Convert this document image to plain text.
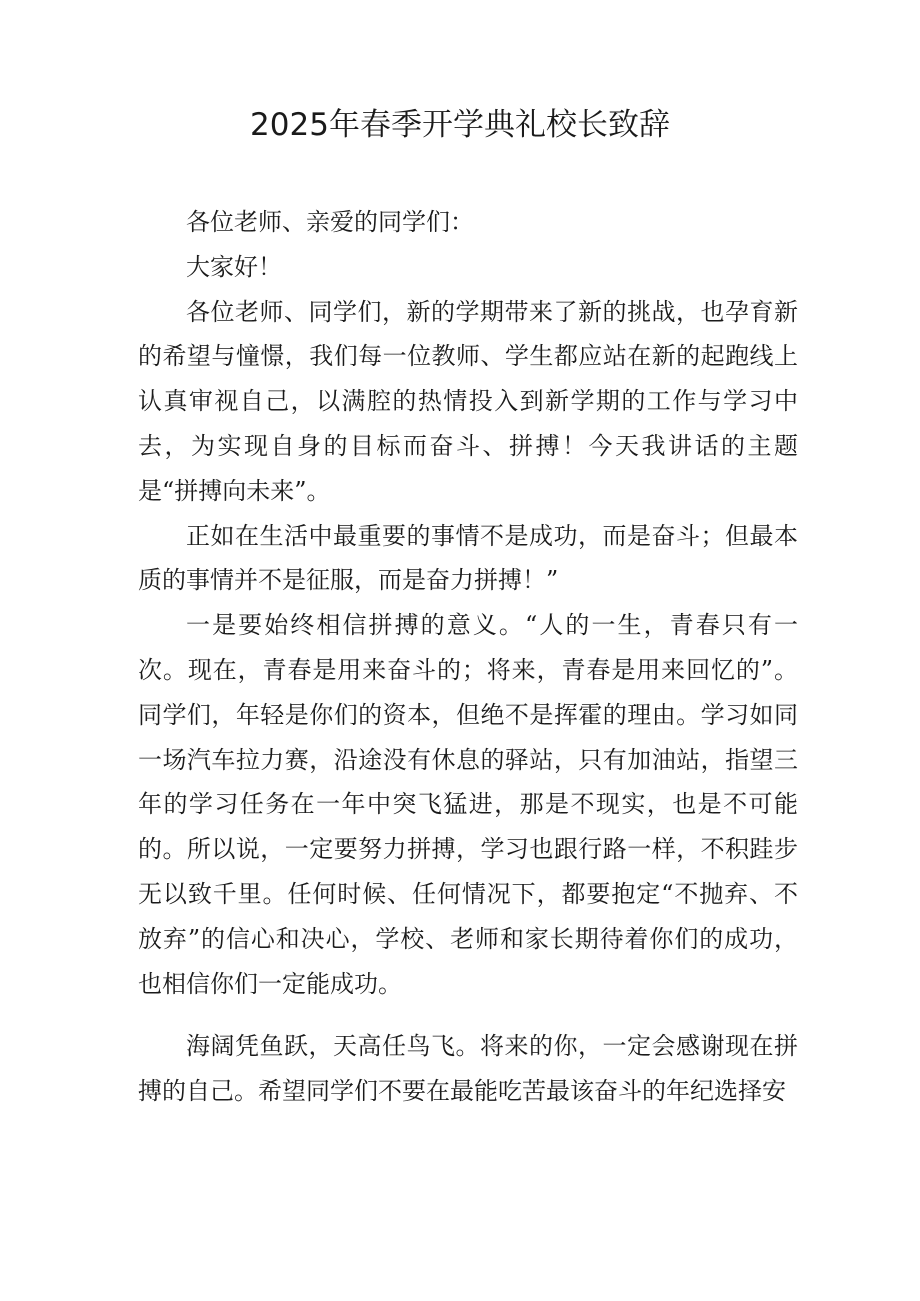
2025年春季开学典礼校长致辞

各位老师、亲爱的同学们：

大家好！

各位老师、同学们，新的学期带来了新的挑战，也孕育新的希望与憧憬，我们每一位教师、学生都应站在新的起跑线上认真审视自己，以满腔的热情投入到新学期的工作与学习中去，为实现自身的目标而奋斗、拼搏！今天我讲话的主题是“拼搏向未来”。

正如在生活中最重要的事情不是成功，而是奋斗；但最本质的事情并不是征服，而是奋力拼搏！”

一是要始终相信拼搏的意义。“人的一生，青春只有一次。现在，青春是用来奋斗的；将来，青春是用来回忆的”。同学们，年轻是你们的资本，但绝不是挥霍的理由。学习如同一场汽车拉力赛，沿途没有休息的驿站，只有加油站，指望三年的学习任务在一年中突飞猛进，那是不现实，也是不可能的。所以说，一定要努力拼搏，学习也跟行路一样，不积跬步无以致千里。任何时候、任何情况下，都要抱定“不抛弃、不放弃”的信心和决心，学校、老师和家长期待着你们的成功，也相信你们一定能成功。

海阔凭鱼跃，天高任鸟飞。将来的你，一定会感谢现在拼搏的自己。希望同学们不要在最能吃苦最该奋斗的年纪选择安
